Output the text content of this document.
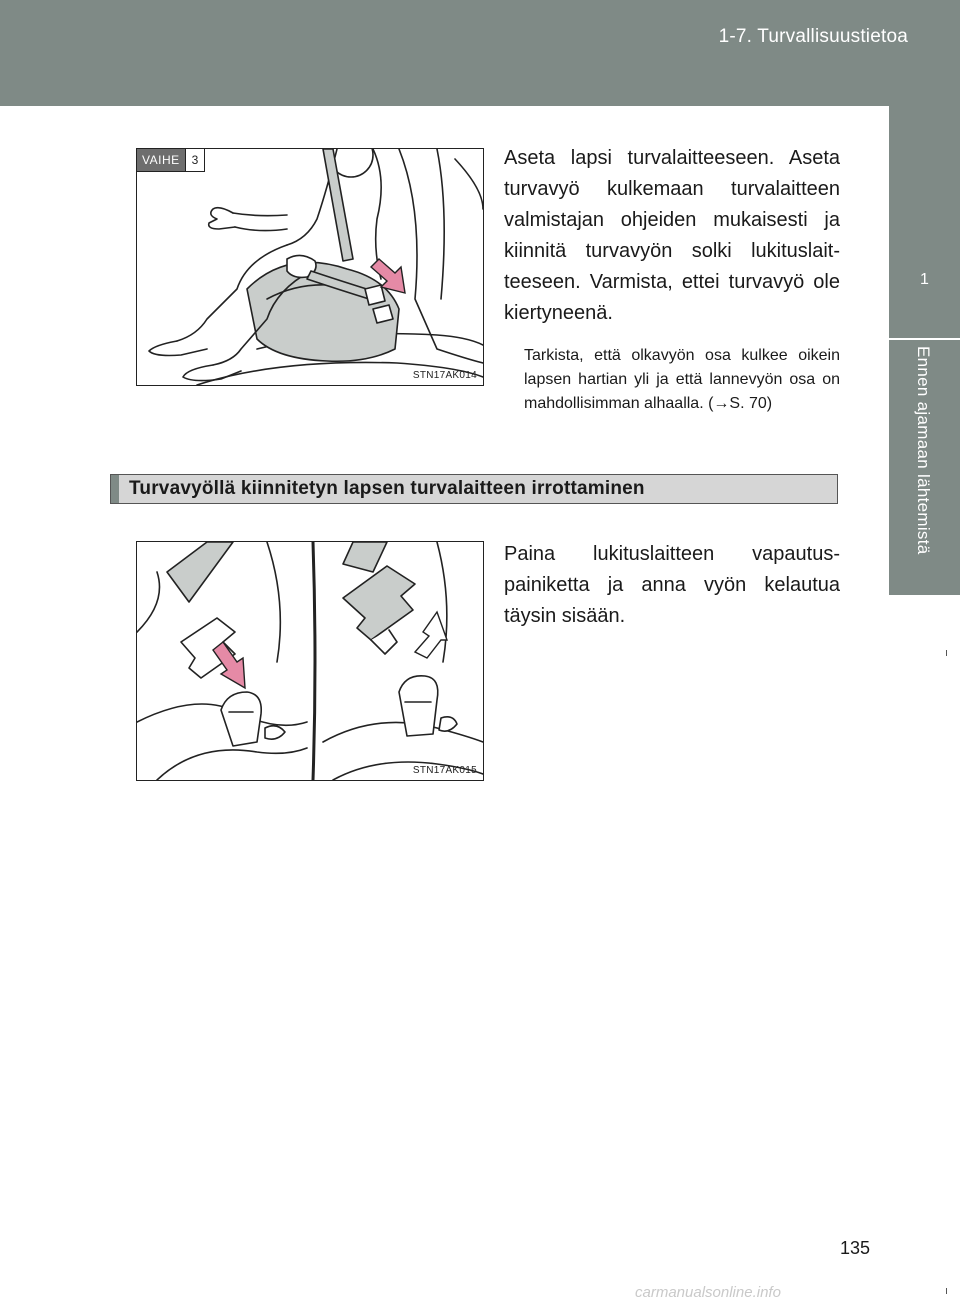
1-7. Turvallisuustietoa
1
Ennen ajamaan lähtemistä
VAIHE	3
STN17AK014
Aseta lapsi turvalaitteeseen. Aseta turvavyö kulkemaan turvalaitteen valmistajan ohjeiden mukaisesti ja kiinnitä turvavyön solki lukituslaitteeseen. Varmista, ettei turvavyö ole kiertyneenä.
Tarkista, että olkavyön osa kulkee oikein lapsen hartian yli ja että lannevyön osa on mahdollisimman alhaalla. (→S. 70)
Turvavyöllä kiinnitetyn lapsen turvalaitteen irrottaminen
STN17AK015
Paina lukituslaitteen vapautuspainiketta ja anna vyön kelautua täysin sisään.
135
carmanualsonline.info
